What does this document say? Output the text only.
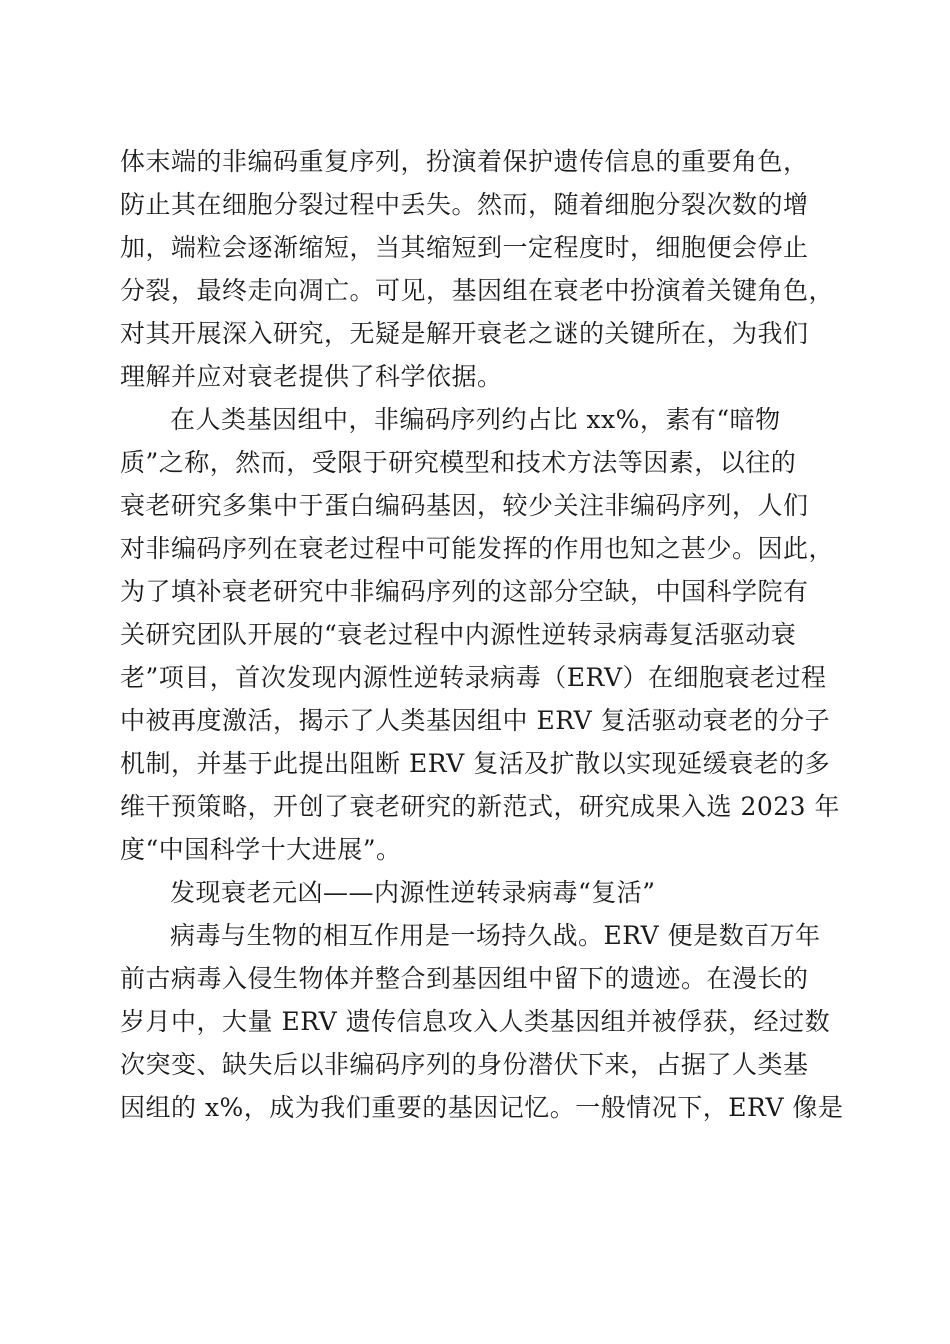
体末端的非编码重复序列，扮演着保护遗传信息的重要角色，
防止其在细胞分裂过程中丢失。然而，随着细胞分裂次数的增
加，端粒会逐渐缩短，当其缩短到一定程度时，细胞便会停止
分裂，最终走向凋亡。可见，基因组在衰老中扮演着关键角色，
对其开展深入研究，无疑是解开衰老之谜的关键所在，为我们
理解并应对衰老提供了科学依据。
在人类基因组中，非编码序列约占比 xx%，素有“暗物
质”之称，然而，受限于研究模型和技术方法等因素，以往的
衰老研究多集中于蛋白编码基因，较少关注非编码序列，人们
对非编码序列在衰老过程中可能发挥的作用也知之甚少。因此，
为了填补衰老研究中非编码序列的这部分空缺，中国科学院有
关研究团队开展的“衰老过程中内源性逆转录病毒复活驱动衰
老”项目，首次发现内源性逆转录病毒（ERV）在细胞衰老过程
中被再度激活，揭示了人类基因组中 ERV 复活驱动衰老的分子
机制，并基于此提出阻断 ERV 复活及扩散以实现延缓衰老的多
维干预策略，开创了衰老研究的新范式，研究成果入选 2023 年
度“中国科学十大进展”。
发现衰老元凶——内源性逆转录病毒“复活”
病毒与生物的相互作用是一场持久战。ERV 便是数百万年
前古病毒入侵生物体并整合到基因组中留下的遗迹。在漫长的
岁月中，大量 ERV 遗传信息攻入人类基因组并被俘获，经过数
次突变、缺失后以非编码序列的身份潜伏下来，占据了人类基
因组的 x%，成为我们重要的基因记忆。一般情况下，ERV 像是
